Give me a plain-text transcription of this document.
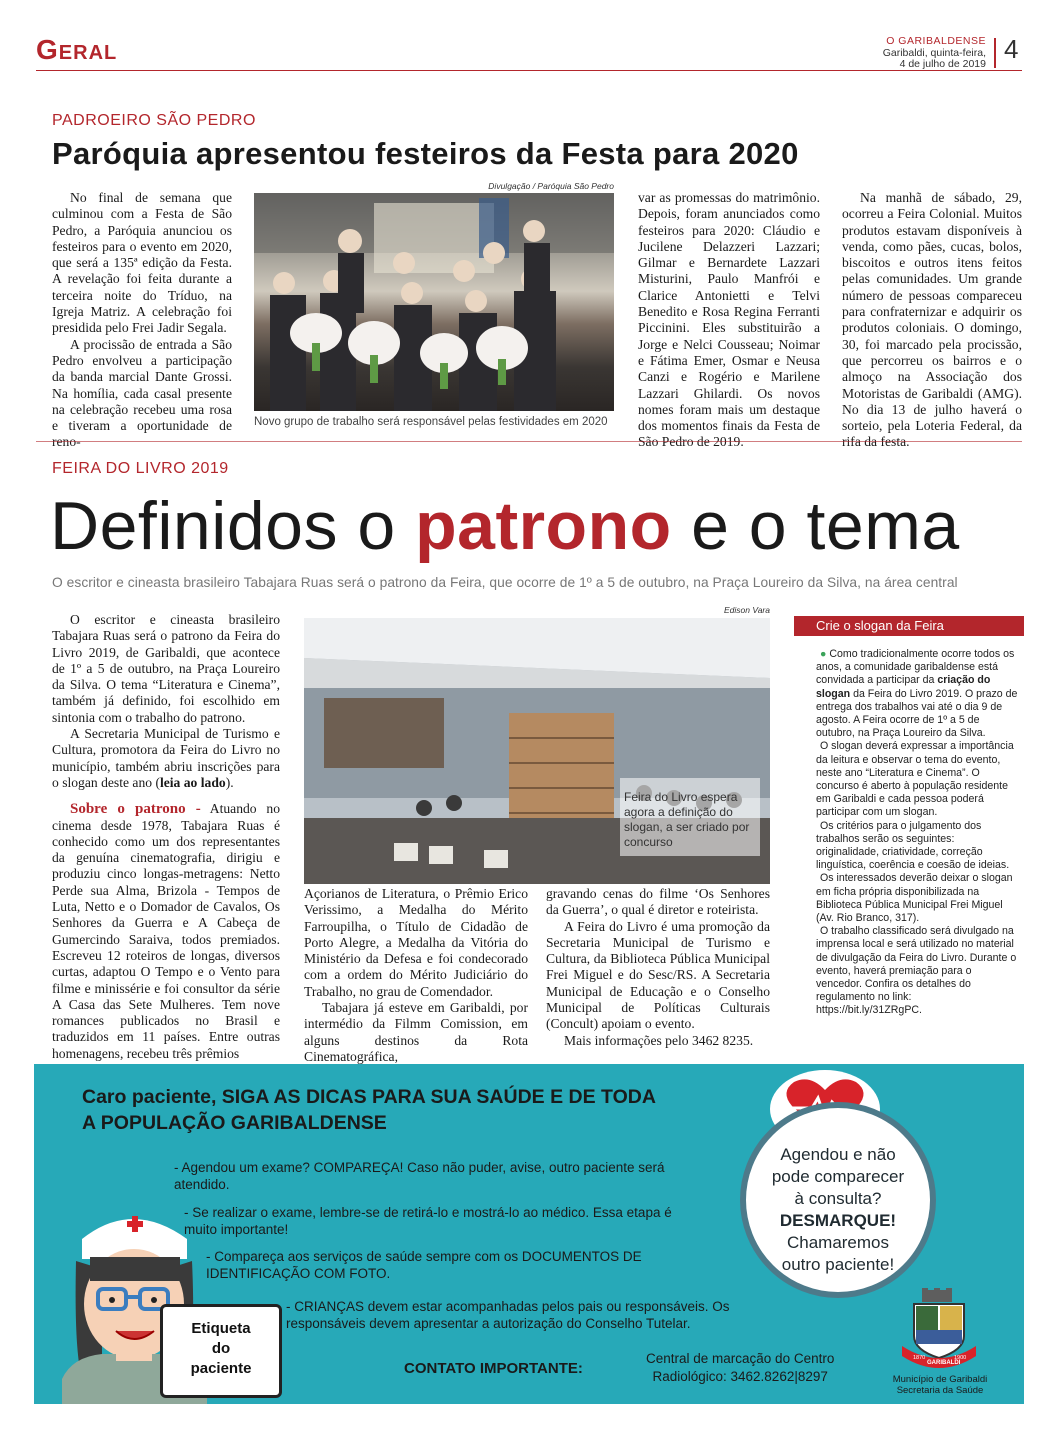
Geral	O GARIBALDENSE
Garibaldi, quinta-feira,
4 de julho de 2019 4
PADROEIRO SÃO PEDRO
Paróquia apresentou festeiros da Festa para 2020

No final de semana que culminou com a Festa de São Pedro, a Paróquia anunciou os festeiros para o evento em 2020, que será a 135ª edição da Festa. A revelação foi feita durante a terceira noite do Tríduo, na Igreja Matriz. A celebração foi presidida pelo Frei Jadir Segala.

A procissão de entrada a São Pedro envolveu a participação da banda marcial Dante Grossi. Na homília, cada casal presente na celebração recebeu uma rosa e tiveram a oportunidade de

Divulgação / Paróquia São Pedro
Novo grupo de trabalho será responsável pelas festividades em 2020

var as promessas do matrimônio. Depois, foram anunciados como festeiros para 2020: Cláudio e Jucilene Delazzeri Lazzari; Gilmar e Bernardete Lazzari Misturini, Paulo Manfrói e Clarice Antonietti e Telvi Benedito e Rosa Regina Ferranti Piccinini. Eles substituirão a Jorge e Nelci Cousseau; Noimar e Fátima Emer, Osmar e Neusa Canzi e Rogério e Marilene Lazzari Ghilardi. Os novos nomes foram mais um destaque dos momentos finais da Festa de

Na manhã de sábado, 29, ocorreu a Feira Colonial. Muitos produtos estavam disponíveis à venda, como pães, cucas, bolos, biscoitos e outros itens feitos pelas comunidades. Um grande número de pessoas compareceu para confraternizar e adquirir os produtos coloniais. O domingo, 30, foi marcado pela procissão, que percorreu os bairros e o almoço na Associação dos Motoristas de Garibaldi (AMG). No dia 13 de julho haverá o sorteio, pela Loteria Federal, da

FEIRA DO LIVRO 2019
Definidos o patrono e o tema
O escritor e cineasta brasileiro Tabajara Ruas será o patrono da Feira, que ocorre de 1º a 5 de outubro, na Praça Loureiro da Silva, na área central

O escritor e cineasta brasileiro Tabajara Ruas será o patrono da Feira do Livro 2019, de Garibaldi, que acontece de 1º a 5 de outubro, na Praça Loureiro da Silva. O tema “Literatura e Cinema”, também já definido, foi escolhido em sintonia com o trabalho do patrono.

A Secretaria Municipal de Turismo e Cultura, promotora da Feira do Livro no município, também abriu inscrições para o slogan deste ano (leia ao lado).

Sobre o patrono - Atuando no cinema desde 1978, Tabajara Ruas é conhecido como um dos representantes da genuína cinematografia, dirigiu e produziu cinco longas-metragens: Netto Perde sua Alma, Brizola - Tempos de Luta, Netto e o Domador de Cavalos, Os Senhores da Guerra e A Cabeça de Gumercindo Saraiva, todos premiados. Escreveu 12 roteiros de longas, diversos curtas, adaptou O Tempo e o Vento para filme e minissérie e foi consultor da série A Casa das Sete Mulheres. Tem nove romances publicados no Brasil e traduzidos em 11 países. Entre outras homenagens, recebeu três prêmios

Edison Vara
Feira do Livro espera agora a definição do slogan, a ser criado por concurso

Açorianos de Literatura, o Prêmio Erico Verissimo, a Medalha do Mérito Farroupilha, o Título de Cidadão de Porto Alegre, a Medalha da Vitória do Ministério da Defesa e foi condecorado com a ordem do Mérito Judiciário do Trabalho, no grau de Comendador.

Tabajara já esteve em Garibaldi, por intermédio da Filmm Comission, em alguns destinos da Rota Cinematográfica,

gravando cenas do filme ‘Os Senhores da Guerra’, o qual é diretor e roteirista.

A Feira do Livro é uma promoção da Secretaria Municipal de Turismo e Cultura, da Biblioteca Pública Municipal Frei Miguel e do Sesc/RS. A Secretaria Municipal de Educação e o Conselho Municipal de Políticas Culturais (Concult) apoiam o evento.

Mais informações pelo 3462 8235.

Crie o slogan da Feira

● Como tradicionalmente ocorre todos os anos, a comunidade garibaldense está convidada a participar da criação do slogan da Feira do Livro 2019. O prazo de entrega dos trabalhos vai até o dia 9 de agosto. A Feira ocorre de 1º a 5 de outubro, na Praça Loureiro da Silva.

O slogan deverá expressar a importância da leitura e observar o tema do evento, neste ano “Literatura e Cinema”. O concurso é aberto à população residente em Garibaldi e cada pessoa poderá participar com um slogan.

Os critérios para o julgamento dos trabalhos serão os seguintes: originalidade, criatividade, correção linguística, coerência e coesão de ideias.

Os interessados deverão deixar o slogan em ficha própria disponibilizada na Biblioteca Pública Municipal Frei Miguel (Av. Rio Branco, 317).

O trabalho classificado será divulgado na imprensa local e será utilizado no material de divulgação da Feira do Livro. Durante o evento, haverá premiação para o vencedor. Confira os detalhes do regulamento no link: https://bit.ly/31ZRgPC.

Caro paciente, SIGA AS DICAS PARA SUA SAÚDE E DE TODA
A POPULAÇÃO GARIBALDENSE
- Agendou um exame? COMPAREÇA! Caso não puder, avise, outro paciente será atendido.
- Se realizar o exame, lembre-se de retirá-lo e mostrá-lo ao médico. Essa etapa é muito importante!
- Compareça aos serviços de saúde sempre com os DOCUMENTOS DE IDENTIFICAÇÃO COM FOTO.
- CRIANÇAS devem estar acompanhadas pelos pais ou responsáveis. Os responsáveis devem apresentar a autorização do Conselho Tutelar.
Etiqueta
do
paciente
Agendou e não
pode comparecer
à consulta?
DESMARQUE!
Chamaremos
outro paciente!
CONTATO IMPORTANTE:
Central de marcação do Centro
Radiológico: 3462.8262|8297
1870
GARIBALDI
1900
Município de Garibaldi
Secretaria da Saúde
